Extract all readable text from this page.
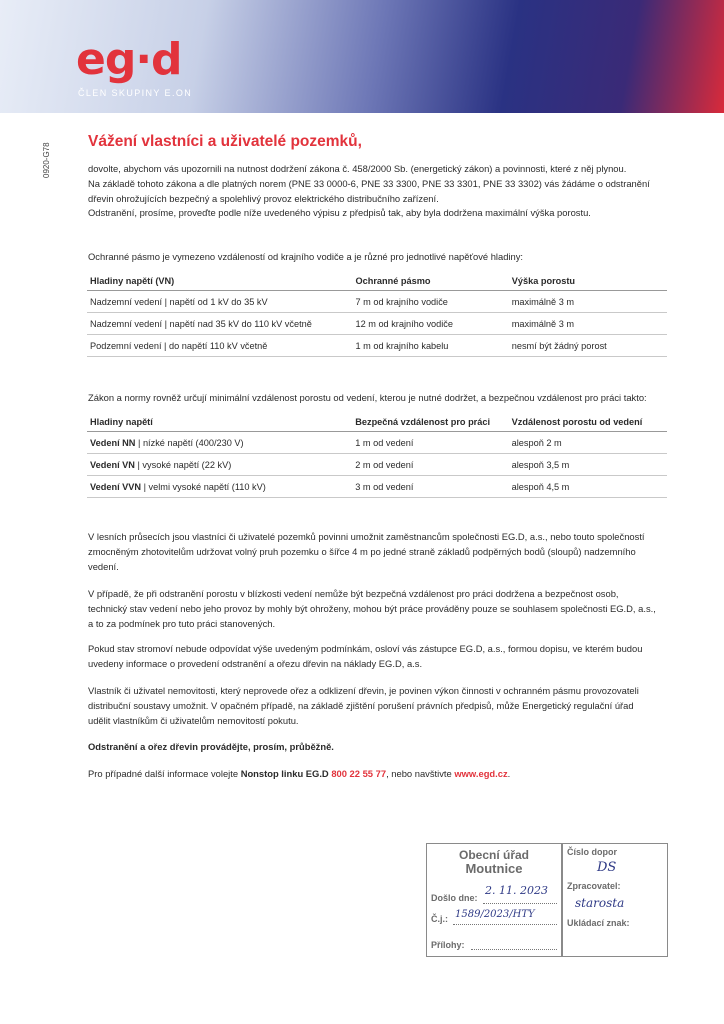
eg·d
ČLEN SKUPINY E.ON
0920-G78
Vážení vlastníci a uživatelé pozemků,
dovolte, abychom vás upozornili na nutnost dodržení zákona č. 458/2000 Sb. (energetický zákon) a povinnosti, které z něj plynou.
Na základě tohoto zákona a dle platných norem (PNE 33 0000-6, PNE 33 3300, PNE 33 3301, PNE 33 3302) vás žádáme o odstranění
dřevin ohrožujících bezpečný a spolehlivý provoz elektrického distribučního zařízení.
Odstranění, prosíme, proveďte podle níže uvedeného výpisu z předpisů tak, aby byla dodržena maximální výška porostu.
Ochranné pásmo je vymezeno vzdáleností od krajního vodiče a je různé pro jednotlivé napěťové hladiny:
Hladiny napětí (VN)	Ochranné pásmo	Výška porostu
Nadzemní vedení | napětí od 1 kV do 35 kV	7 m od krajního vodiče	maximálně 3 m
Nadzemní vedení | napětí nad 35 kV do 110 kV včetně	12 m od krajního vodiče	maximálně 3 m
Podzemní vedení | do napětí 110 kV včetně	1 m od krajního kabelu	nesmí být žádný porost
Zákon a normy rovněž určují minimální vzdálenost porostu od vedení, kterou je nutné dodržet, a bezpečnou vzdálenost pro práci takto:
Hladiny napětí	Bezpečná vzdálenost pro práci	Vzdálenost porostu od vedení
Vedení NN | nízké napětí (400/230 V)	1 m od vedení	alespoň 2 m
Vedení VN | vysoké napětí (22 kV)	2 m od vedení	alespoň 3,5 m
Vedení VVN | velmi vysoké napětí (110 kV)	3 m od vedení	alespoň 4,5 m
V lesních průsecích jsou vlastníci či uživatelé pozemků povinni umožnit zaměstnancům společnosti EG.D, a.s., nebo touto společností
zmocněným zhotovitelům udržovat volný pruh pozemku o šířce 4 m po jedné straně základů podpěrných bodů (sloupů) nadzemního
vedení.
V případě, že při odstranění porostu v blízkosti vedení nemůže být bezpečná vzdálenost pro práci dodržena a bezpečnost osob,
technický stav vedení nebo jeho provoz by mohly být ohroženy, mohou být práce prováděny pouze se souhlasem společnosti EG.D, a.s.,
a to za podmínek pro tuto práci stanovených.
Pokud stav stromoví nebude odpovídat výše uvedeným podmínkám, osloví vás zástupce EG.D, a.s., formou dopisu, ve kterém budou
uvedeny informace o provedení odstranění a ořezu dřevin na náklady EG.D, a.s.
Vlastník či uživatel nemovitosti, který neprovede ořez a odklizení dřevin, je povinen výkon činnosti v ochranném pásmu provozovateli
distribuční soustavy umožnit. V opačném případě, na základě zjištění porušení právních předpisů, může Energetický regulační úřad
udělit vlastníkům či uživatelům nemovitostí pokutu.
Odstranění a ořez dřevin provádějte, prosím, průběžně.
Pro případné další informace volejte Nonstop linku EG.D 800 22 55 77, nebo navštivte www.egd.cz.
Obecní úřad
Moutnice
Došlo dne:
2. 11. 2023
Č.j.: 1589/2023/HTY
Přílohy:
Číslo dopor
DS
Zpracovatel:
starosta
Ukládací znak:
